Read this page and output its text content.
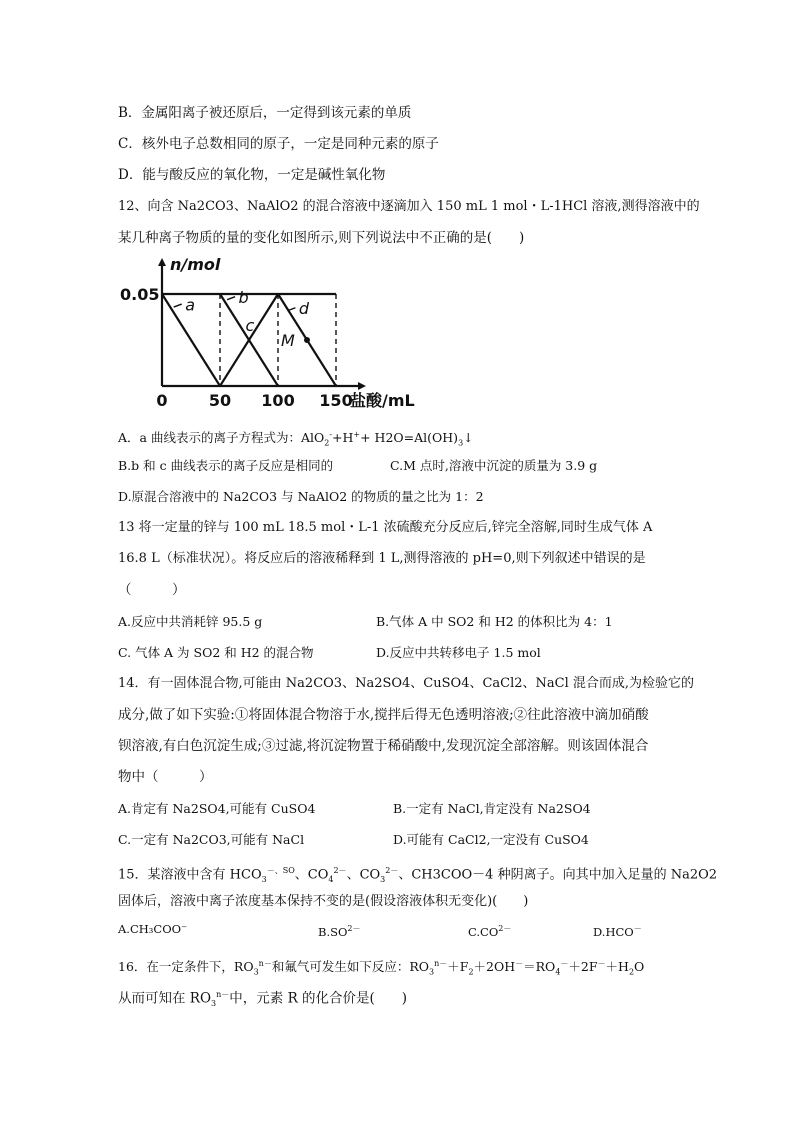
B．金属阳离子被还原后，一定得到该元素的单质
C．核外电子总数相同的原子，一定是同种元素的原子
D．能与酸反应的氧化物，一定是碱性氧化物
12、向含 Na2CO3、NaAlO2 的混合溶液中逐滴加入 150 mL 1 mol・L-1HCl 溶液,测得溶液中的
某几种离子物质的量的变化如图所示,则下列说法中不正确的是(　　)
0.05
n/mol
0	50 100 150
盐酸/mL
a	b
c
d
M
A．a 曲线表示的离子方程式为：$AlO_2^-+H^++ H2O=Al(OH)_3↓$
B.b 和 c 曲线表示的离子反应是相同的	C.M 点时,溶液中沉淀的质量为 3.9 g
D.原混合溶液中的 Na2CO3 与 NaAlO2 的物质的量之比为 1：2
13 将一定量的锌与 100 mL 18.5 mol・L-1 浓硫酸充分反应后,锌完全溶解,同时生成气体 A
16.8 L（标准状况）。将反应后的溶液稀释到 1 L,测得溶液的 pH=0,则下列叙述中错误的是
（　　　）
A.反应中共消耗锌 95.5 g	B.气体 A 中 SO2 和 H2 的体积比为 4：1
C. 气体 A 为 SO2 和 H2 的混合物	D.反应中共转移电子 1.5 mol
14．有一固体混合物,可能由 Na2CO3、Na2SO4、CuSO4、CaCl2、NaCl 混合而成,为检验它的
成分,做了如下实验:①将固体混合物溶于水,搅拌后得无色透明溶液;②往此溶液中滴加硝酸
钡溶液,有白色沉淀生成;③过滤,将沉淀物置于稀硝酸中,发现沉淀全部溶解。则该固体混合
物中（　　　）
A.肯定有 Na2SO4,可能有 CuSO4	B.一定有 NaCl,肯定没有 Na2SO4
C.一定有 Na2CO3,可能有 NaCl	D.可能有 CaCl2,一定没有 CuSO4
15．某溶液中含有 $HCO_3^{-、SO}$、$CO_4^{2-}$、$CO_3^{2-}$、CH3COO－4 种阴离子。向其中加入足量的 Na2O2
固体后，溶液中离子浓度基本保持不变的是(假设溶液体积无变化)(　　)
A.CH₃COO⁻	$B.SO^{2-}$	$C.CO^{2-}$	D.HCO－
16．在一定条件下，$RO_3^{n-}$和氟气可发生如下反应：$RO_3^{n-}+F_2+2OH^-=RO_4^-+2F^-+H_2O$
从而可知在 $RO_3^{n-}$中，元素 R 的化合价是(　　)
